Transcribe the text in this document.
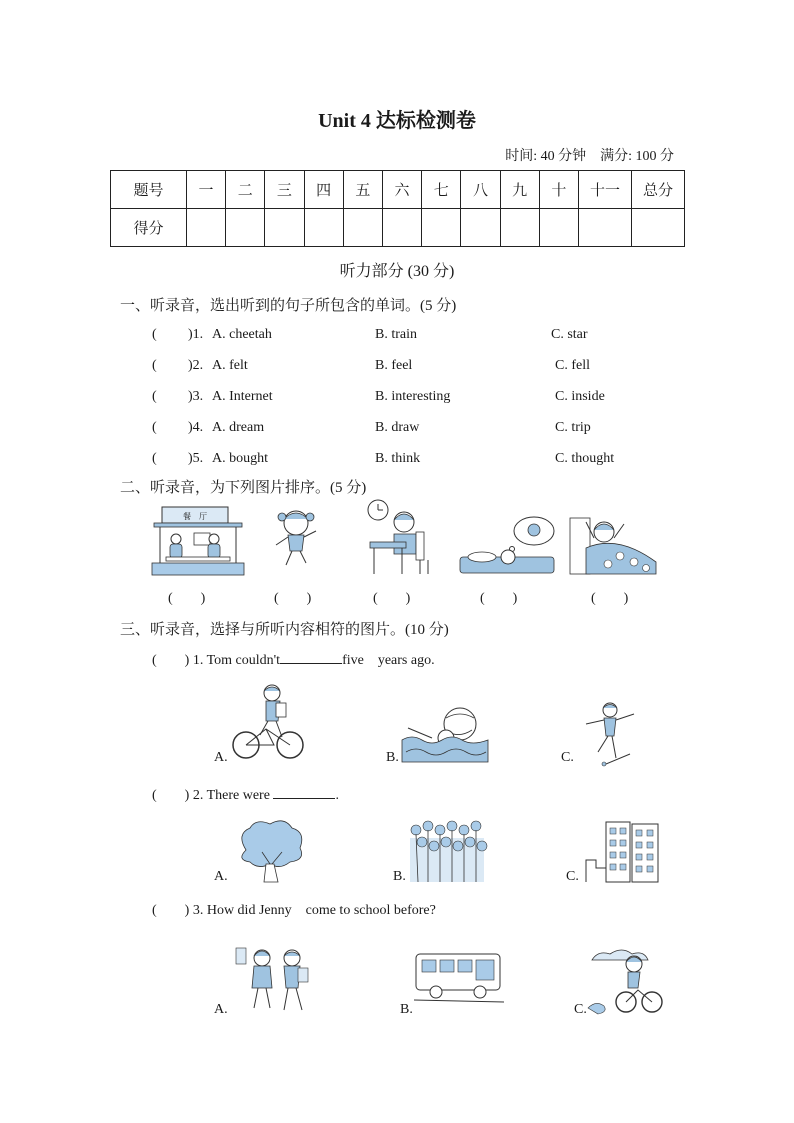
Unit 4 达标检测卷
时间: 40 分钟　满分: 100 分
题号	一	二	三	四	五	六	七	八	九	十	十一	总分
得分												
听力部分 (30 分)
一、听录音，选出听到的句子所包含的单词。(5 分)
( )1. A. cheetah	B. train	C. star
( )2. A. felt	B. feel	C. fell
( )3. A. Internet	B. interesting	C. inside
( )4. A. dream	B. draw	C. trip
( )5. A. bought	B. think	C. thought
二、听录音，为下列图片排序。(5 分)
餐　厅
(　　)	(　　)	(　　)	(　　)	(　　)
三、听录音，选择与所听内容相符的图片。(10 分)
(　　) 1. Tom couldn't	five　years ago.
A.	B.	C.
(　　) 2. There were	.
A.	B.	C.
(　　) 3. How did Jenny　come to school before?
A.	B.	C.
